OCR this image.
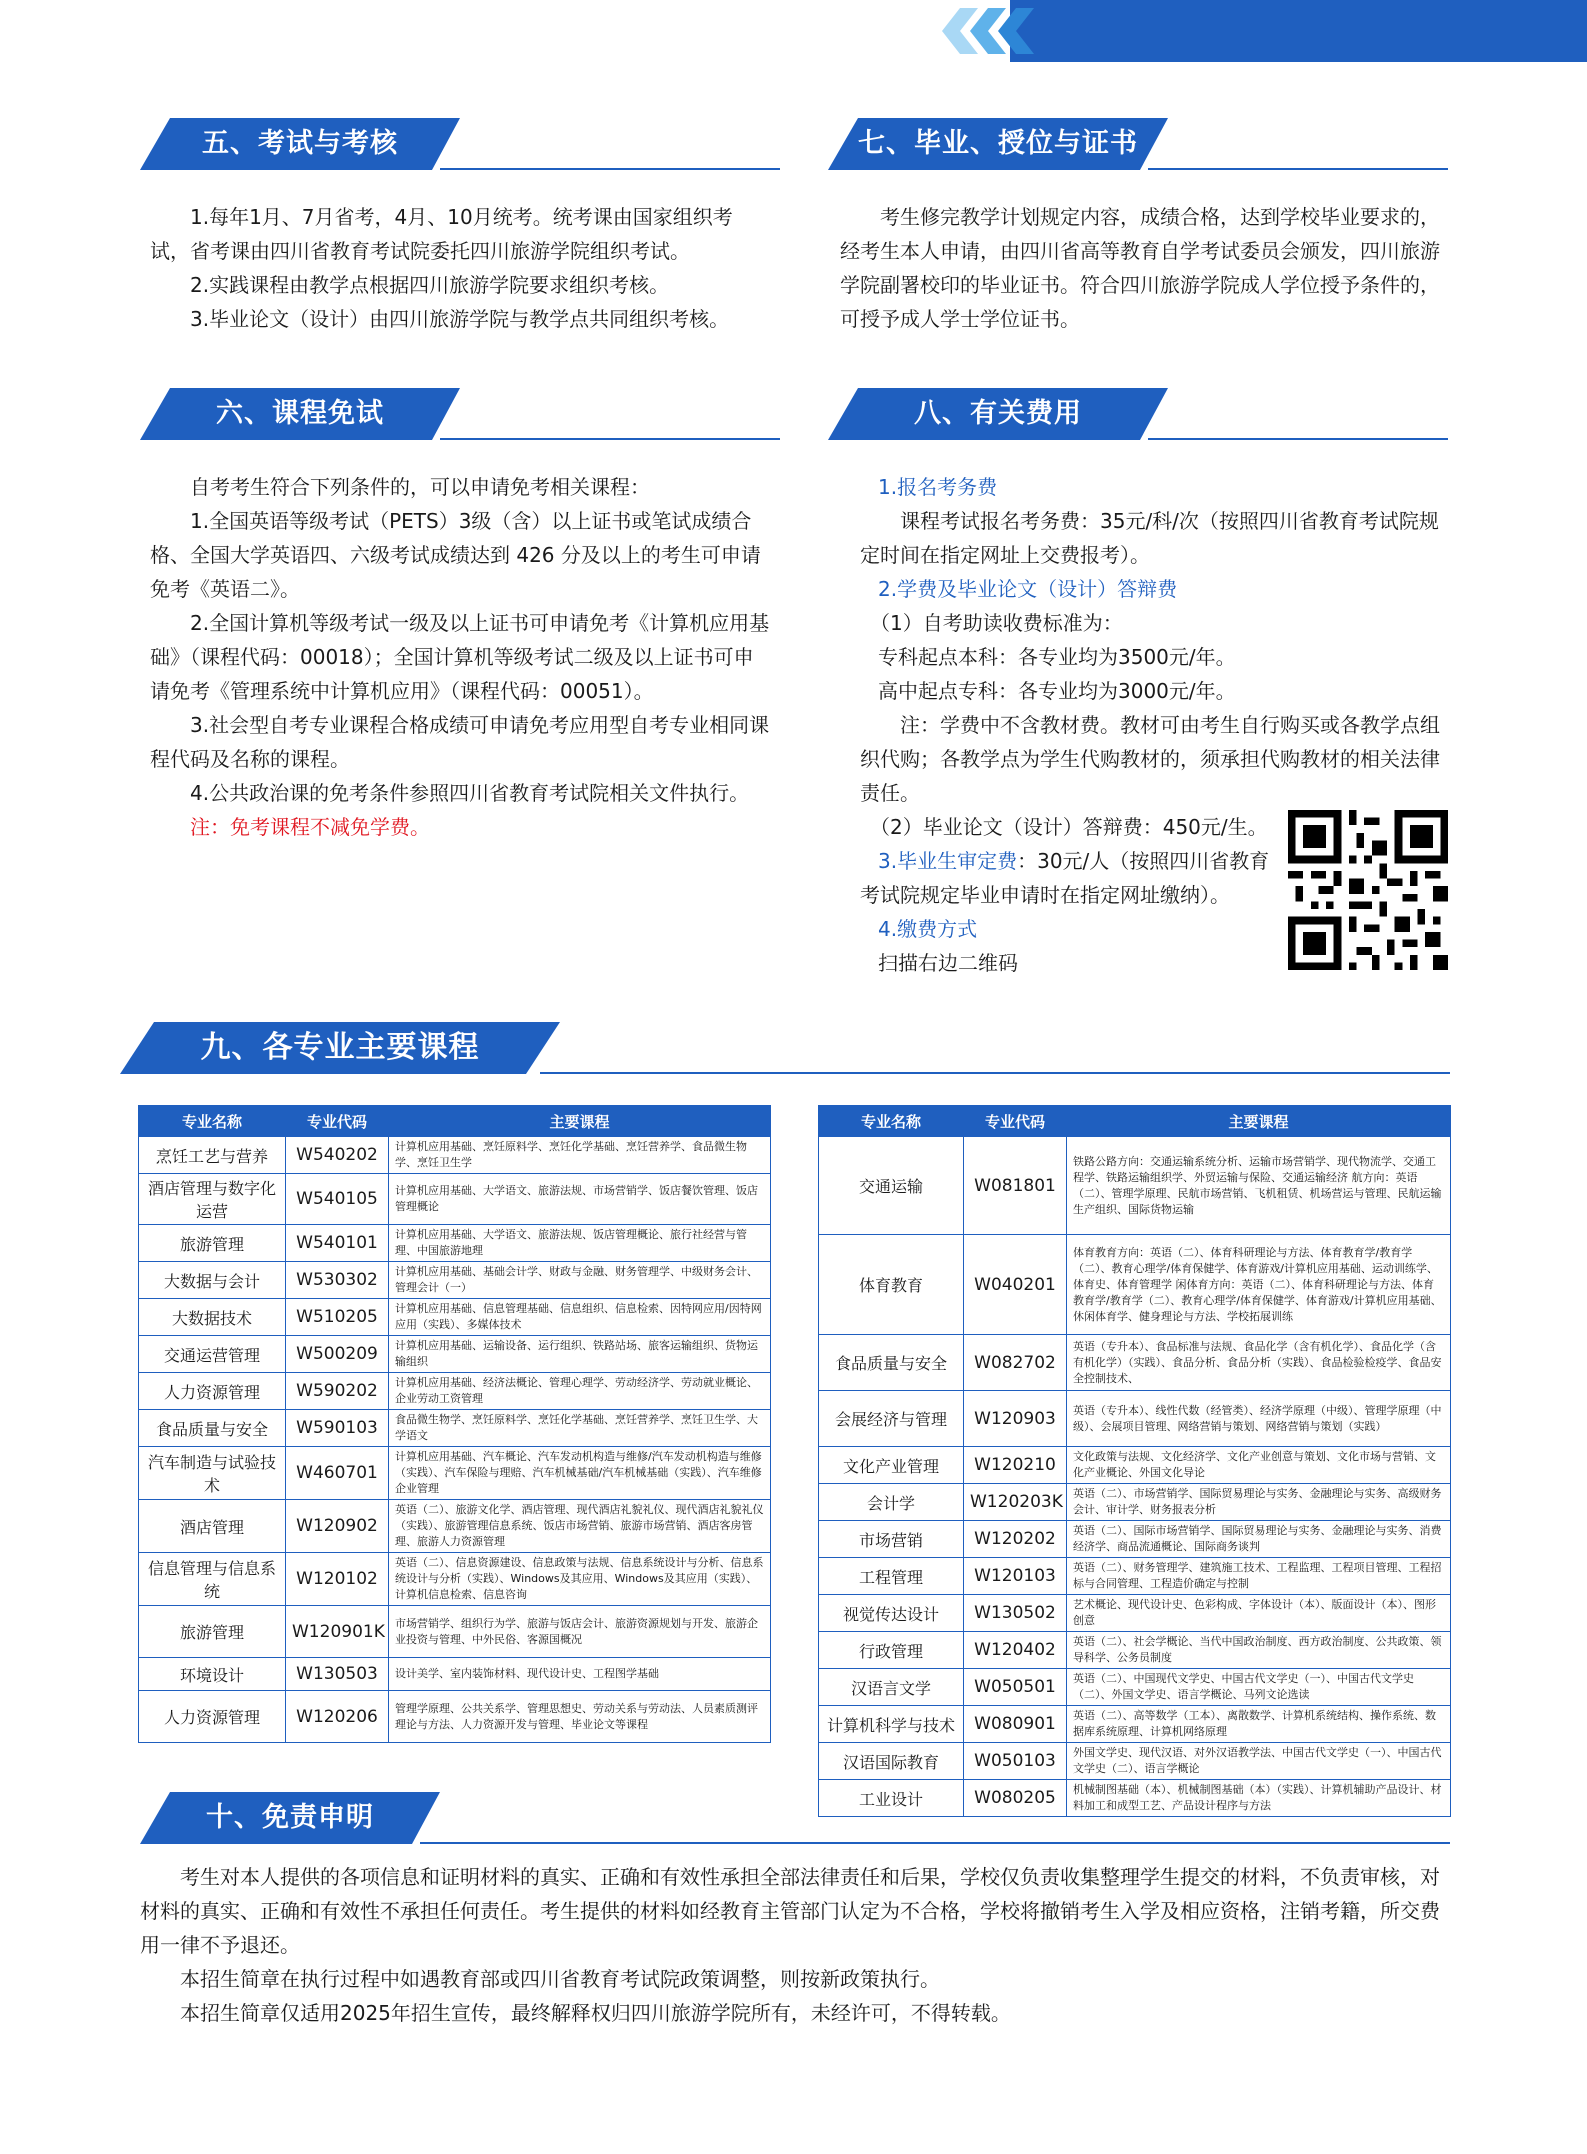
五、考试与考核

1.每年1月、7月省考，4月、10月统考。统考课由国家组织考试，省考课由四川省教育考试院委托四川旅游学院组织考试。

2.实践课程由教学点根据四川旅游学院要求组织考核。

3.毕业论文（设计）由四川旅游学院与教学点共同组织考核。

六、课程免试

自考考生符合下列条件的，可以申请免考相关课程：

1.全国英语等级考试（PETS）3级（含）以上证书或笔试成绩合格、全国大学英语四、六级考试成绩达到 426 分及以上的考生可申请免考《英语二》。

2.全国计算机等级考试一级及以上证书可申请免考《计算机应用基础》（课程代码：00018）；全国计算机等级考试二级及以上证书可申请免考《管理系统中计算机应用》（课程代码：00051）。

3.社会型自考专业课程合格成绩可申请免考应用型自考专业相同课程代码及名称的课程。

4.公共政治课的免考条件参照四川省教育考试院相关文件执行。

注：免考课程不减免学费。

七、毕业、授位与证书

考生修完教学计划规定内容，成绩合格，达到学校毕业要求的，经考生本人申请，由四川省高等教育自学考试委员会颁发，四川旅游学院副署校印的毕业证书。符合四川旅游学院成人学位授予条件的，可授予成人学士学位证书。

八、有关费用
1.报名考务费

课程考试报名考务费：35元/科/次（按照四川省教育考试院规定时间在指定网址上交费报考）。

2.学费及毕业论文（设计）答辩费
（1）自考助读收费标准为：
专科起点本科：各专业均为3500元/年。
高中起点专科：各专业均为3000元/年。

注：学费中不含教材费。教材可由考生自行购买或各教学点组织代购；各教学点为学生代购教材的，须承担代购教材的相关法律责任。

（2）毕业论文（设计）答辩费：450元/生。
3.毕业生审定费：30元/人（按照四川省教育考试院规定毕业申请时在指定网址缴纳）。
4.缴费方式
扫描右边二维码
九、各专业主要课程
专业名称	专业代码	主要课程
烹饪工艺与营养	W540202	计算机应用基础、烹饪原料学、烹饪化学基础、烹饪营养学、食品微生物学、烹饪卫生学
酒店管理与数字化运营	W540105	计算机应用基础、大学语文、旅游法规、市场营销学、饭店餐饮管理、饭店管理概论
旅游管理	W540101	计算机应用基础、大学语文、旅游法规、饭店管理概论、旅行社经营与管理、中国旅游地理
大数据与会计	W530302	计算机应用基础、基础会计学、财政与金融、财务管理学、中级财务会计、管理会计（一）
大数据技术	W510205	计算机应用基础、信息管理基础、信息组织、信息检索、因特网应用/因特网应用（实践）、多媒体技术
交通运营管理	W500209	计算机应用基础、运输设备、运行组织、铁路站场、旅客运输组织、货物运输组织
人力资源管理	W590202	计算机应用基础、经济法概论、管理心理学、劳动经济学、劳动就业概论、企业劳动工资管理
食品质量与安全	W590103	食品微生物学、烹饪原料学、烹饪化学基础、烹饪营养学、烹饪卫生学、大学语文
汽车制造与试验技术	W460701	计算机应用基础、汽车概论、汽车发动机构造与维修/汽车发动机构造与维修（实践）、汽车保险与理赔、汽车机械基础/汽车机械基础（实践）、汽车维修企业管理
酒店管理	W120902	英语（二）、旅游文化学、酒店管理、现代酒店礼貌礼仪、现代酒店礼貌礼仪（实践）、旅游管理信息系统、饭店市场营销、旅游市场营销、酒店客房管理、旅游人力资源管理
信息管理与信息系统	W120102	英语（二）、信息资源建设、信息政策与法规、信息系统设计与分析、信息系统设计与分析（实践）、Windows及其应用、Windows及其应用（实践）、计算机信息检索、信息咨询
旅游管理	W120901K	市场营销学、组织行为学、旅游与饭店会计、旅游资源规划与开发、旅游企业投资与管理、中外民俗、客源国概况
环境设计	W130503	设计美学、室内装饰材料、现代设计史、工程图学基础
人力资源管理	W120206	管理学原理、公共关系学、管理思想史、劳动关系与劳动法、人员素质测评理论与方法、人力资源开发与管理、毕业论文等课程
专业名称	专业代码	主要课程
交通运输	W081801	铁路公路方向：交通运输系统分析、运输市场营销学、现代物流学、交通工程学、铁路运输组织学、外贸运输与保险、交通运输经济 航方向：英语（二）、管理学原理、民航市场营销、飞机租赁、机场营运与管理、民航运输生产组织、国际货物运输
体育教育	W040201	体育教育方向：英语（二）、体育科研理论与方法、体育教育学/教育学（二）、教育心理学/体育保健学、体育游戏/计算机应用基础、运动训练学、体育史、体育管理学 闲体育方向：英语（二）、体育科研理论与方法、体育教育学/教育学（二）、教育心理学/体育保健学、体育游戏/计算机应用基础、休闲体育学、健身理论与方法、学校拓展训练
食品质量与安全	W082702	英语（专升本）、食品标准与法规、食品化学（含有机化学）、食品化学（含有机化学）（实践）、食品分析、食品分析（实践）、食品检验检疫学、食品安全控制技术、
会展经济与管理	W120903	英语（专升本）、线性代数（经管类）、经济学原理（中级）、管理学原理（中级）、会展项目管理、网络营销与策划、网络营销与策划（实践）
文化产业管理	W120210	文化政策与法规、文化经济学、文化产业创意与策划、文化市场与营销、文化产业概论、外国文化导论
会计学	W120203K	英语（二）、市场营销学、国际贸易理论与实务、金融理论与实务、高级财务会计、审计学、财务报表分析
市场营销	W120202	英语（二）、国际市场营销学、国际贸易理论与实务、金融理论与实务、消费经济学、商品流通概论、国际商务谈判
工程管理	W120103	英语（二）、财务管理学、建筑施工技术、工程监理、工程项目管理、工程招标与合同管理、工程造价确定与控制
视觉传达设计	W130502	艺术概论、现代设计史、色彩构成、字体设计（本）、版面设计（本）、图形创意
行政管理	W120402	英语（二）、社会学概论、当代中国政治制度、西方政治制度、公共政策、领导科学、公务员制度
汉语言文学	W050501	英语（二）、中国现代文学史、中国古代文学史（一）、中国古代文学史（二）、外国文学史、语言学概论、马列文论选读
计算机科学与技术	W080901	英语（二）、高等数学（工本）、离散数学、计算机系统结构、操作系统、数据库系统原理、计算机网络原理
汉语国际教育	W050103	外国文学史、现代汉语、对外汉语教学法、中国古代文学史（一）、中国古代文学史（二）、语言学概论
工业设计	W080205	机械制图基础（本）、机械制图基础（本）（实践）、计算机辅助产品设计、材料加工和成型工艺、产品设计程序与方法
十、免责申明

考生对本人提供的各项信息和证明材料的真实、正确和有效性承担全部法律责任和后果，学校仅负责收集整理学生提交的材料，不负责审核，对材料的真实、正确和有效性不承担任何责任。考生提供的材料如经教育主管部门认定为不合格，学校将撤销考生入学及相应资格，注销考籍，所交费用一律不予退还。

本招生简章在执行过程中如遇教育部或四川省教育考试院政策调整，则按新政策执行。

本招生简章仅适用2025年招生宣传，最终解释权归四川旅游学院所有，未经许可，不得转载。
